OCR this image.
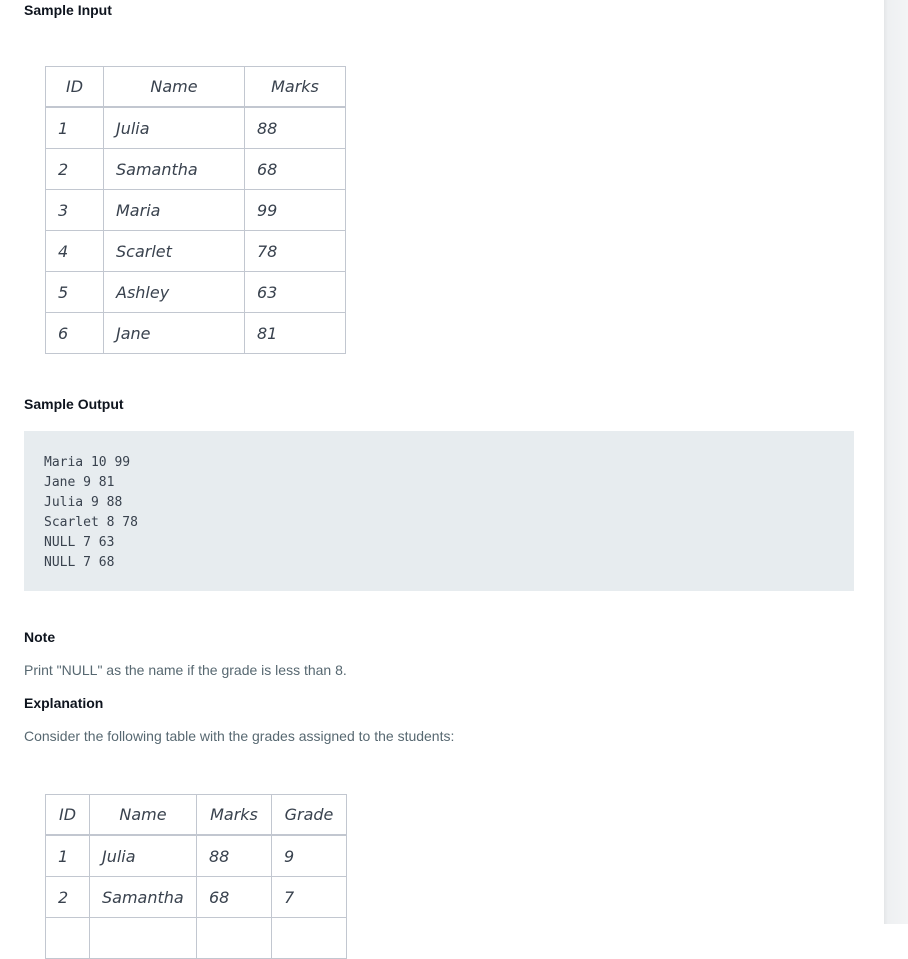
Sample Input
ID	Name	Marks
1	Julia	88
2	Samantha	68
3	Maria	99
4	Scarlet	78
5	Ashley	63
6	Jane	81
Sample Output
Maria 10 99
Jane 9 81
Julia 9 88
Scarlet 8 78
NULL 7 63
NULL 7 68
Note

Print "NULL" as the name if the grade is less than 8.

Explanation

Consider the following table with the grades assigned to the students:

ID	Name	Marks	Grade
1	Julia	88	9
2	Samantha	68	7
